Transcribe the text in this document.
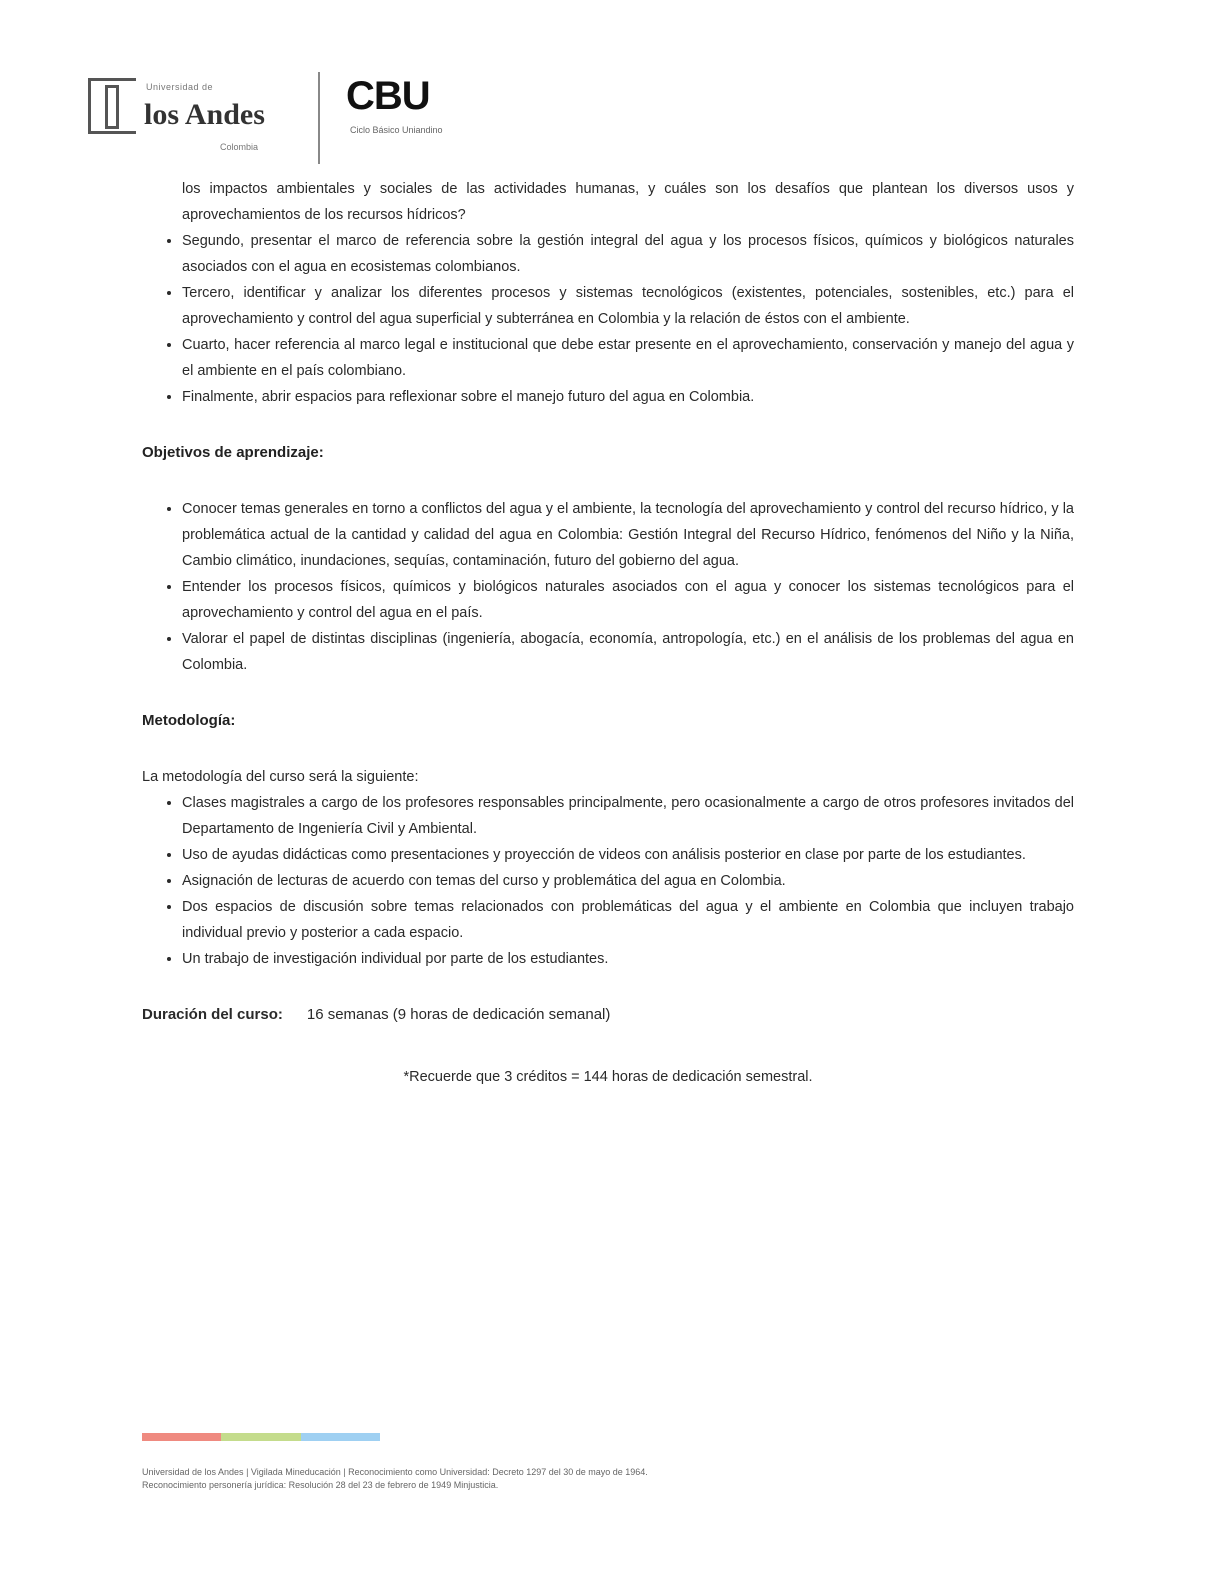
Universidad de
los Andes
Colombia
CBU
Ciclo Básico Uniandino
los impactos ambientales y sociales de las actividades humanas, y cuáles son los desafíos que plantean los diversos usos y aprovechamientos de los recursos hídricos?
• Segundo, presentar el marco de referencia sobre la gestión integral del agua y los procesos físicos, químicos y biológicos naturales asociados con el agua en ecosistemas colombianos.
• Tercero, identificar y analizar los diferentes procesos y sistemas tecnológicos (existentes, potenciales, sostenibles, etc.) para el aprovechamiento y control del agua superficial y subterránea en Colombia y la relación de éstos con el ambiente.
• Cuarto, hacer referencia al marco legal e institucional que debe estar presente en el aprovechamiento, conservación y manejo del agua y el ambiente en el país colombiano.
• Finalmente, abrir espacios para reflexionar sobre el manejo futuro del agua en Colombia.
Objetivos de aprendizaje:
• Conocer temas generales en torno a conflictos del agua y el ambiente, la tecnología del aprovechamiento y control del recurso hídrico, y la problemática actual de la cantidad y calidad del agua en Colombia: Gestión Integral del Recurso Hídrico, fenómenos del Niño y la Niña, Cambio climático, inundaciones, sequías, contaminación, futuro del gobierno del agua.
• Entender los procesos físicos, químicos y biológicos naturales asociados con el agua y conocer los sistemas tecnológicos para el aprovechamiento y control del agua en el país.
• Valorar el papel de distintas disciplinas (ingeniería, abogacía, economía, antropología, etc.) en el análisis de los problemas del agua en Colombia.
Metodología:

La metodología del curso será la siguiente:

• Clases magistrales a cargo de los profesores responsables principalmente, pero ocasionalmente a cargo de otros profesores invitados del Departamento de Ingeniería Civil y Ambiental.
• Uso de ayudas didácticas como presentaciones y proyección de videos con análisis posterior en clase por parte de los estudiantes.
• Asignación de lecturas de acuerdo con temas del curso y problemática del agua en Colombia.
• Dos espacios de discusión sobre temas relacionados con problemáticas del agua y el ambiente en Colombia que incluyen trabajo individual previo y posterior a cada espacio.
• Un trabajo de investigación individual por parte de los estudiantes.
Duración del curso: 16 semanas (9 horas de dedicación semanal)

*Recuerde que 3 créditos = 144 horas de dedicación semestral.

Universidad de los Andes | Vigilada Mineducación | Reconocimiento como Universidad: Decreto 1297 del 30 de mayo de 1964.
Reconocimiento personería jurídica: Resolución 28 del 23 de febrero de 1949 Minjusticia.
